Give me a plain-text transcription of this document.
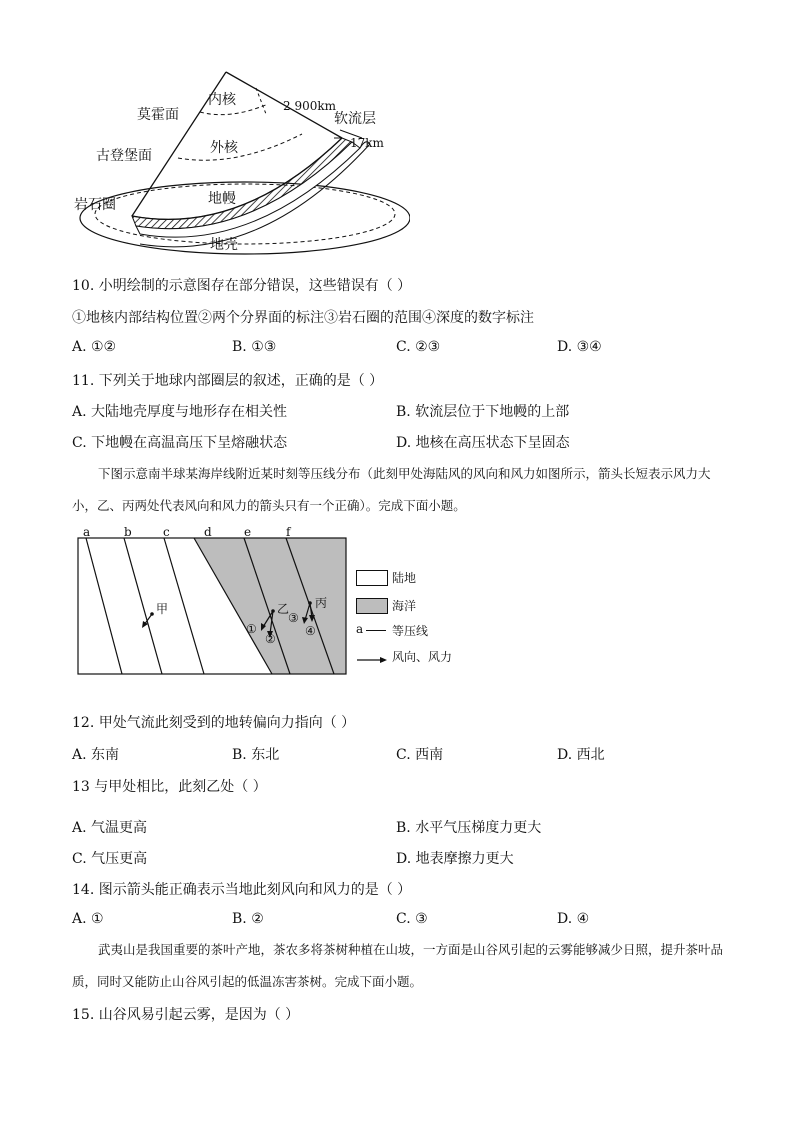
内核
外核
地幔
地壳
莫霍面
古登堡面
岩石圈
软流层
2 900km
17km
10. 小明绘制的示意图存在部分错误，这些错误有（ ）
①地核内部结构位置②两个分界面的标注③岩石圈的范围④深度的数字标注
A. ①②	B. ①③	C. ②③	D. ③④
11. 下列关于地球内部圈层的叙述，正确的是（ ）
A. 大陆地壳厚度与地形存在相关性	B. 软流层位于下地幔的上部
C. 下地幔在高温高压下呈熔融状态	D. 地核在高压状态下呈固态
下图示意南半球某海岸线附近某时刻等压线分布（此刻甲处海陆风的风向和风力如图所示，箭头长短表示风力大小，乙、丙两处代表风向和风力的箭头只有一个正确）。完成下面小题。
a	b	c	d	e	f
甲	乙 丙
①
②
③
④
陆地
海洋
a 等压线
风向、风力
12. 甲处气流此刻受到的地转偏向力指向（ ）
A. 东南	B. 东北	C. 西南	D. 西北
13 与甲处相比，此刻乙处（ ）
A. 气温更高	B. 水平气压梯度力更大
C. 气压更高	D. 地表摩擦力更大
14. 图示箭头能正确表示当地此刻风向和风力的是（ ）
A. ①	B. ②	C. ③	D. ④
武夷山是我国重要的茶叶产地，茶农多将茶树种植在山坡，一方面是山谷风引起的云雾能够减少日照，提升茶叶品质，同时又能防止山谷风引起的低温冻害茶树。完成下面小题。
15. 山谷风易引起云雾，是因为（ ）
